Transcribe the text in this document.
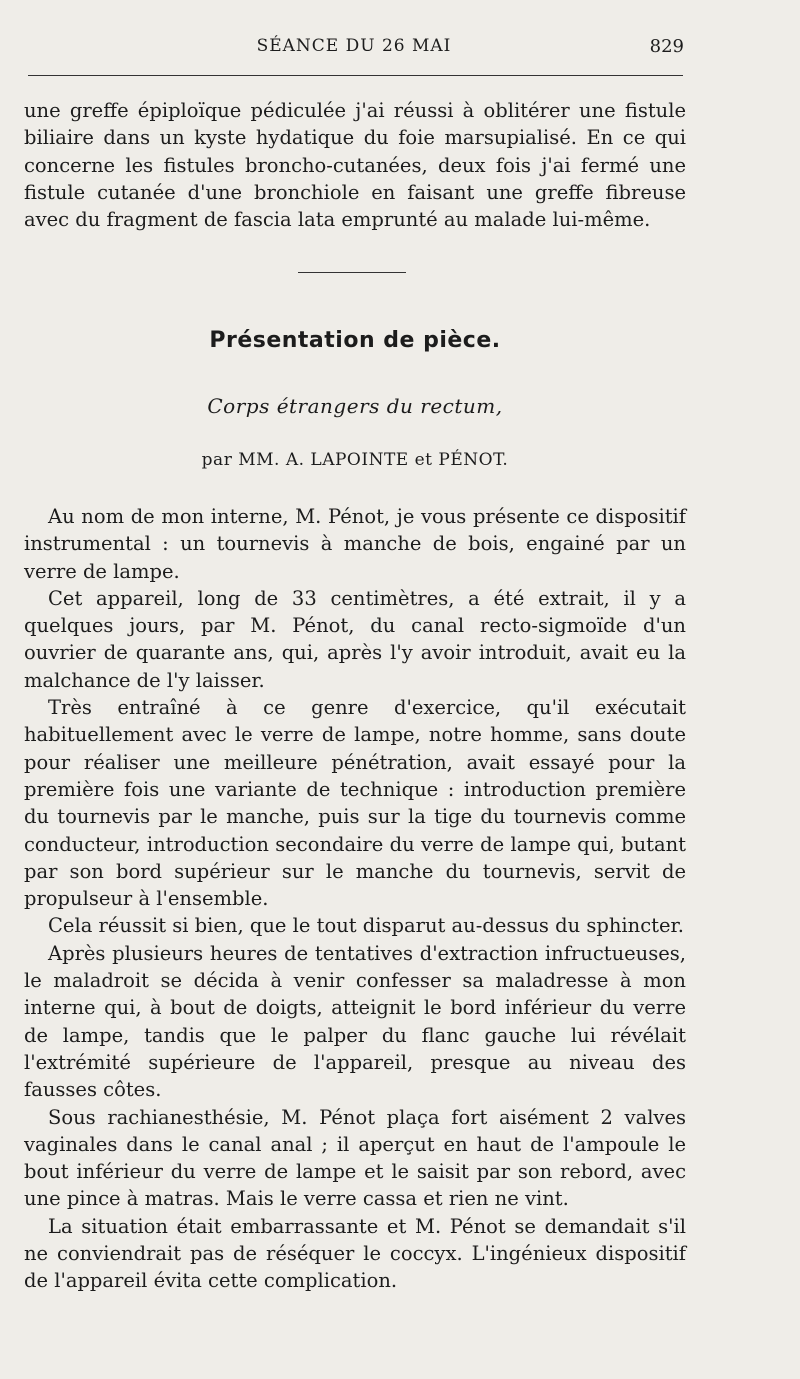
SÉANCE DU 26 MAI	829

une greffe épiploïque pédiculée j'ai réussi à oblitérer une fistule biliaire dans un kyste hydatique du foie marsupialisé. En ce qui concerne les fistules broncho-cutanées, deux fois j'ai fermé une fistule cutanée d'une bronchiole en faisant une greffe fibreuse avec du fragment de fascia lata emprunté au malade lui-même.

Présentation de pièce.
Corps étrangers du rectum,
par MM. A. LAPOINTE et PÉNOT.

Au nom de mon interne, M. Pénot, je vous présente ce dispositif instrumental : un tournevis à manche de bois, engainé par un verre de lampe.

Cet appareil, long de 33 centimètres, a été extrait, il y a quelques jours, par M. Pénot, du canal recto-sigmoïde d'un ouvrier de quarante ans, qui, après l'y avoir introduit, avait eu la malchance de l'y laisser.

Très entraîné à ce genre d'exercice, qu'il exécutait habituellement avec le verre de lampe, notre homme, sans doute pour réaliser une meilleure pénétration, avait essayé pour la première fois une variante de technique : introduction première du tournevis par le manche, puis sur la tige du tournevis comme conducteur, introduction secondaire du verre de lampe qui, butant par son bord supérieur sur le manche du tournevis, servit de propulseur à l'ensemble.

Cela réussit si bien, que le tout disparut au-dessus du sphincter.

Après plusieurs heures de tentatives d'extraction infructueuses, le maladroit se décida à venir confesser sa maladresse à mon interne qui, à bout de doigts, atteignit le bord inférieur du verre de lampe, tandis que le palper du flanc gauche lui révélait l'extrémité supérieure de l'appareil, presque au niveau des fausses côtes.

Sous rachianesthésie, M. Pénot plaça fort aisément 2 valves vaginales dans le canal anal ; il aperçut en haut de l'ampoule le bout inférieur du verre de lampe et le saisit par son rebord, avec une pince à matras. Mais le verre cassa et rien ne vint.

La situation était embarrassante et M. Pénot se demandait s'il ne conviendrait pas de réséquer le coccyx. L'ingénieux dispositif de l'appareil évita cette complication.
